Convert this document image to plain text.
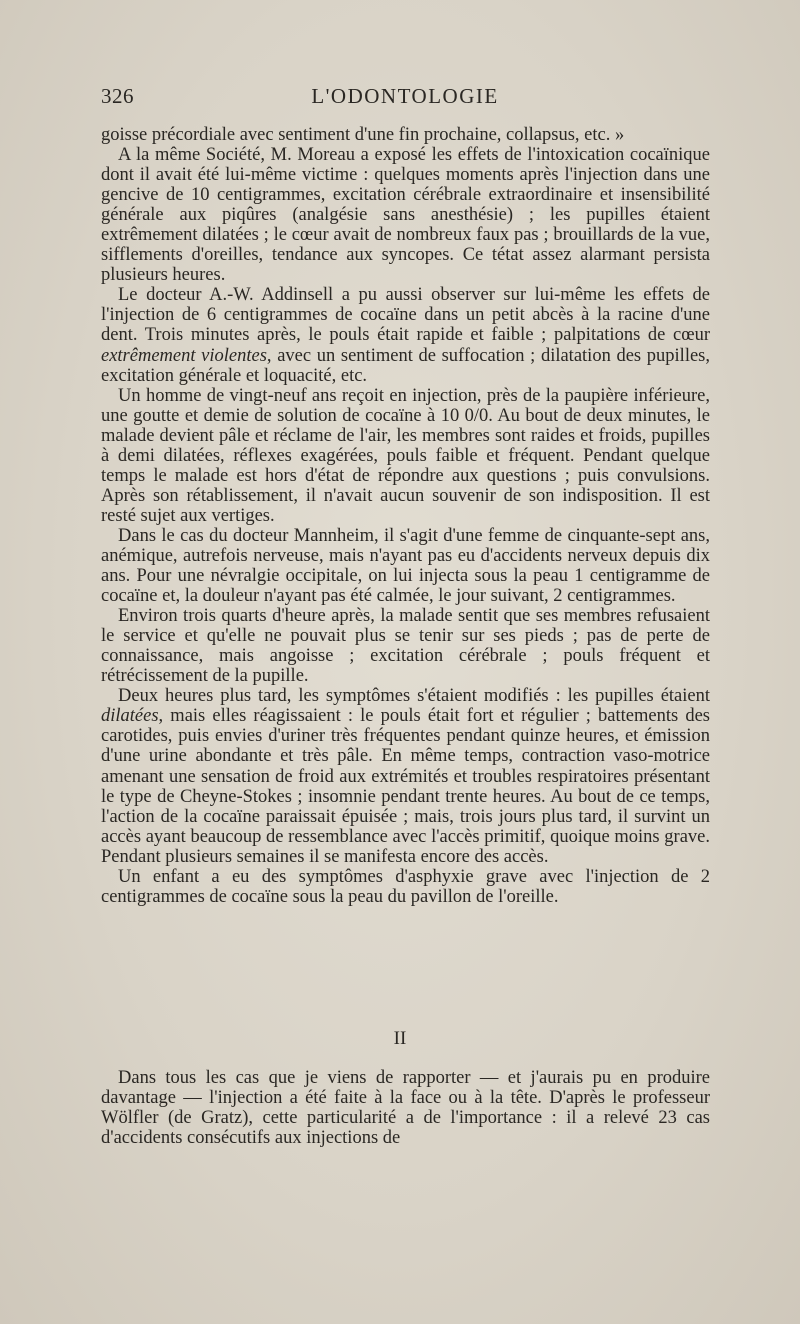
326	L'ODONTOLOGIE

goisse précordiale avec sentiment d'une fin prochaine, collapsus, etc. »

A la même Société, M. Moreau a exposé les effets de l'intoxication cocaïnique dont il avait été lui-même victime : quelques moments après l'injection dans une gencive de 10 centigrammes, excitation cérébrale extraordinaire et insensibilité générale aux piqûres (analgésie sans anesthésie) ; les pupilles étaient extrêmement dilatées ; le cœur avait de nombreux faux pas ; brouillards de la vue, sifflements d'oreilles, tendance aux syncopes. Ce tétat assez alarmant persista plusieurs heures.

Le docteur A.-W. Addinsell a pu aussi observer sur lui-même les effets de l'injection de 6 centigrammes de cocaïne dans un petit abcès à la racine d'une dent. Trois minutes après, le pouls était rapide et faible ; palpitations de cœur extrêmement violentes, avec un sentiment de suffocation ; dilatation des pupilles, excitation générale et loquacité, etc.

Un homme de vingt-neuf ans reçoit en injection, près de la paupière inférieure, une goutte et demie de solution de cocaïne à 10 0/0. Au bout de deux minutes, le malade devient pâle et réclame de l'air, les membres sont raides et froids, pupilles à demi dilatées, réflexes exagérées, pouls faible et fréquent. Pendant quelque temps le malade est hors d'état de répondre aux questions ; puis convulsions. Après son rétablissement, il n'avait aucun souvenir de son indisposition. Il est resté sujet aux vertiges.

Dans le cas du docteur Mannheim, il s'agit d'une femme de cinquante-sept ans, anémique, autrefois nerveuse, mais n'ayant pas eu d'accidents nerveux depuis dix ans. Pour une névralgie occipitale, on lui injecta sous la peau 1 centigramme de cocaïne et, la douleur n'ayant pas été calmée, le jour suivant, 2 centigrammes.

Environ trois quarts d'heure après, la malade sentit que ses membres refusaient le service et qu'elle ne pouvait plus se tenir sur ses pieds ; pas de perte de connaissance, mais angoisse ; excitation cérébrale ; pouls fréquent et rétrécissement de la pupille.

Deux heures plus tard, les symptômes s'étaient modifiés : les pupilles étaient dilatées, mais elles réagissaient : le pouls était fort et régulier ; battements des carotides, puis envies d'uriner très fréquentes pendant quinze heures, et émission d'une urine abondante et très pâle. En même temps, contraction vaso-motrice amenant une sensation de froid aux extrémités et troubles respiratoires présentant le type de Cheyne-Stokes ; insomnie pendant trente heures. Au bout de ce temps, l'action de la cocaïne paraissait épuisée ; mais, trois jours plus tard, il survint un accès ayant beaucoup de ressemblance avec l'accès primitif, quoique moins grave. Pendant plusieurs semaines il se manifesta encore des accès.

Un enfant a eu des symptômes d'asphyxie grave avec l'injection de 2 centigrammes de cocaïne sous la peau du pavillon de l'oreille.

II

Dans tous les cas que je viens de rapporter — et j'aurais pu en produire davantage — l'injection a été faite à la face ou à la tête. D'après le professeur Wölfler (de Gratz), cette particularité a de l'importance : il a relevé 23 cas d'accidents consécutifs aux injections de
